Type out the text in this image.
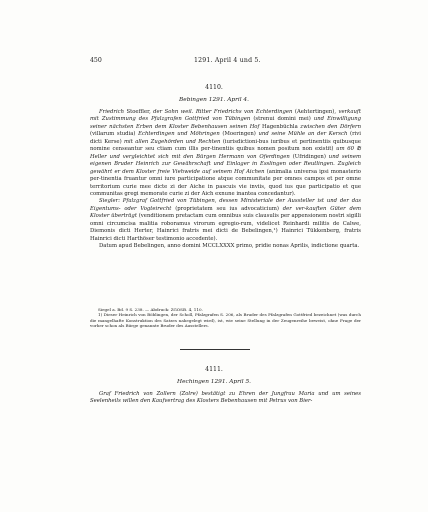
450	1291. April 4 und 5.
4110.
Bebingen 1291. April 4.

Friedrich Stoeffler, der Sohn weil. Ritter Friedrichs von Echterdingen (Aehtertingen), verkauft mit Zustimmung des Pfalzgrafen Gottfried von Tübingen (strenui domini mei) und Einwilligung seiner nächsten Erben dem Kloster Bebenhausen seinen Hof Hagenbüchla zwischen den Dörfern (villarum studia) Echterdingen und Möhringen (Moeringen) und seine Mühle an der Kersch (rivi dicti Kerse) mit allen Zugehörden und Rechten (iurisdictioni-bus iuribus et pertinentiis quibusque nomine censeantur seu ctiam cum illis per-tinentiis quibus nomen positum non existit) um 60 ℔ Heller und vergleichtet sich mit den Bürgen Hermann von Oferdingen (Ufridingen) und seinem eigenen Bruder Heinrich zur Gewährschaft und Einlager in Esslingen oder Reutlingen. Zugleich gewährt er dem Kloster freie Viehweide auf seinem Hof Aichen (animalia universa ipsi monasterio per-tinentia fruantur omni iure participatione atque communitate per omnes campos et per omne territorium curie mee dicte zi der Aiche in pascuis vie inviis, quod ius que participatio et que communitas gregi memorate curie zi der Aich exnune inantea concedantur).

Siegler: Pfalzgraf Gottfried von Tübingen, dessen Ministeriale der Aussteller ist und der das Eigentums- oder Vogteirecht (proprietatem seu ius advocaticium) der ver-kauften Güter dem Kloster überträgt (venditionem pretactam cum omnibus suis clausulis per appensionem nostri sigilli omni circumcisa malitia roboramus virorum egregio-rum, videlicet Reinhardi militis de Calwe, Diemonis dicti Herter, Hainrici fratris mei dicti de Bebelingen,¹) Hainrici Tükkenberg, fratris Hainrici dicti Harthöser testimonio accedente).

Datum apud Bebelingen, anno domini MCCLXXXX primo, pridie nonas Aprilis, indictione quarta.

Siegel a. Bd. 9 S. 238. — Abdruck: ZGOSB. 4, 110.

1) Dieser Heinrich von Böblingen, der Scholl, Pfalzgrafen S. 206, als Bruder des Pfalzgrafen Gottfried bezeichnet (was durch die mangelhafte Konstruktion des Satzes nahegelegt wird), ist, wie seine Stellung in der Zeugenreihe beweist, ohne Frage der vorher schon als Bürge genannte Bruder des Ausstellers.

4111.
Hechingen 1291. April 5.

Graf Friedrich von Zollern (Zolre) bestätigt zu Ehren der Jungfrau Maria und um seines Seelenheils willen den Kaufvertrag des Klosters Bebenhausen mit Petrus von Bier-
